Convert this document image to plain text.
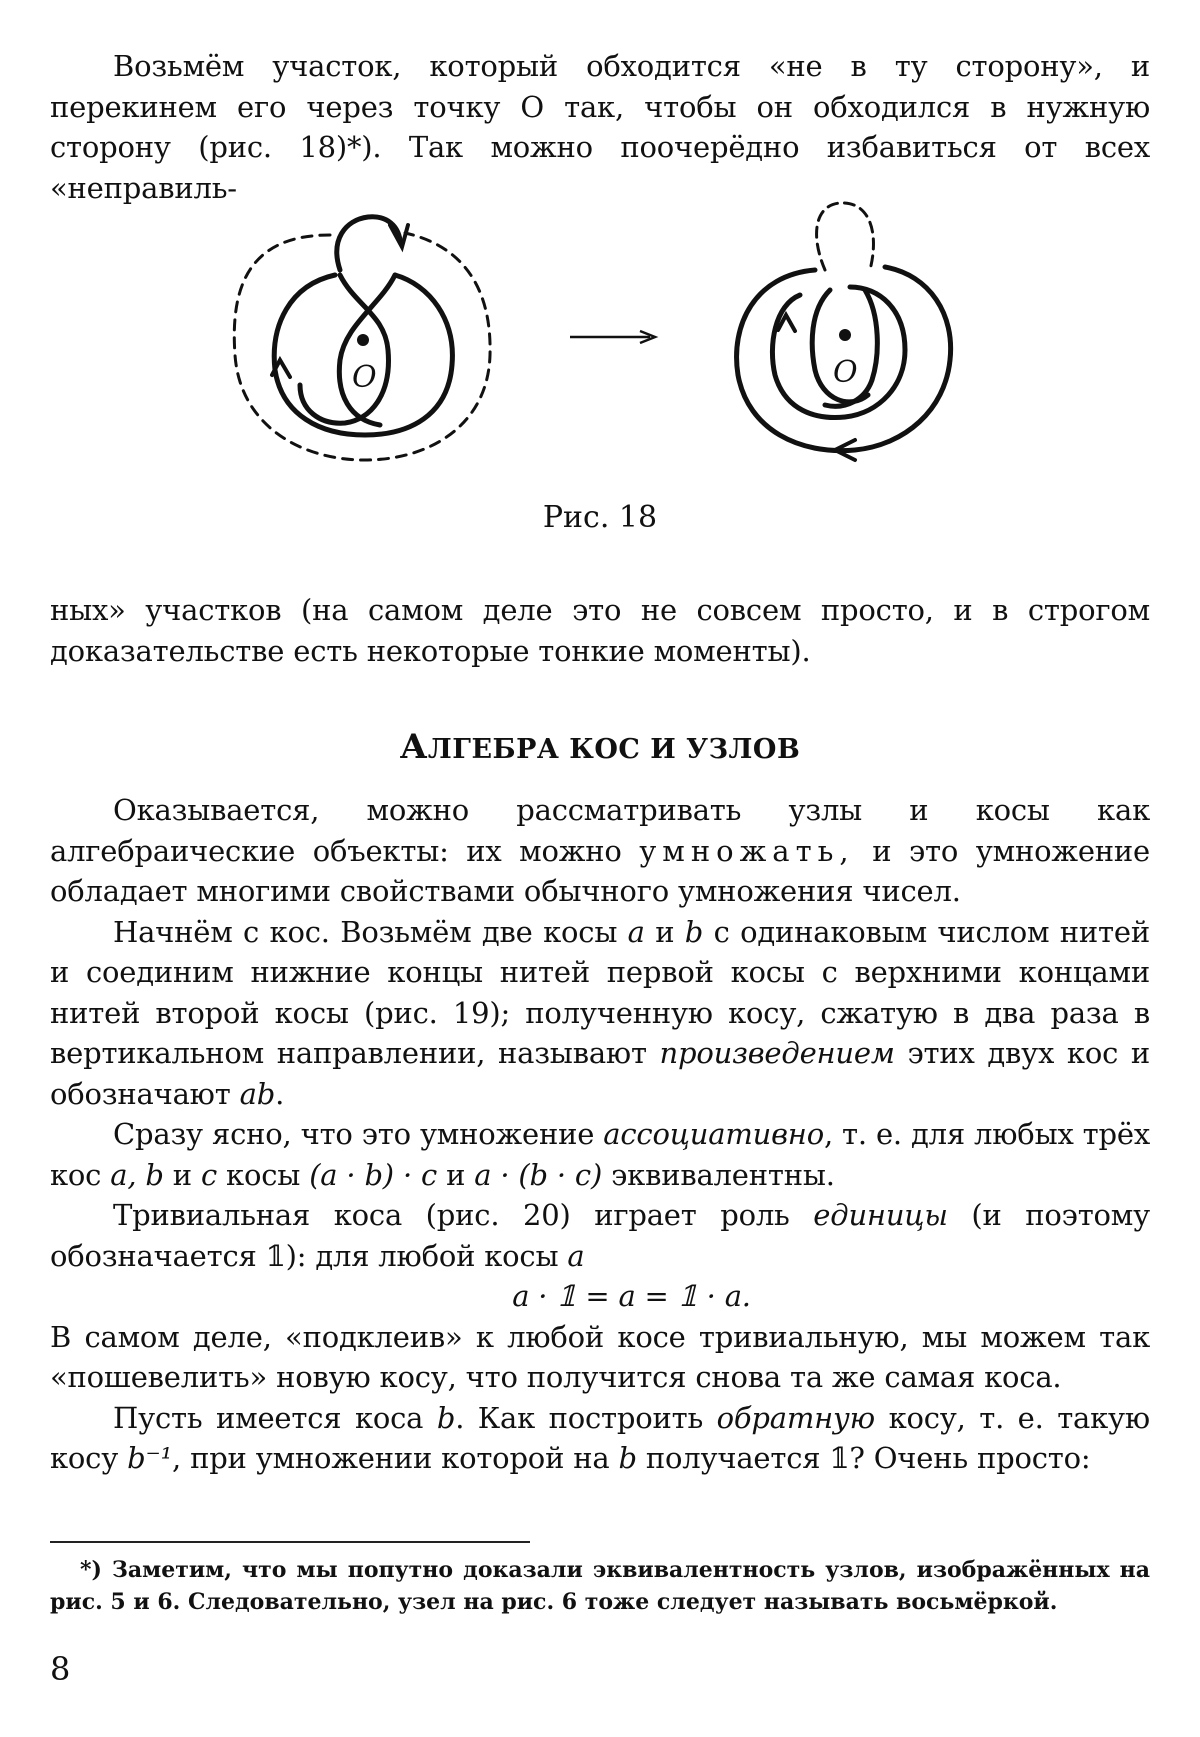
Возьмём участок, который обходится «не в ту сторону», и перекинем его через точку O так, чтобы он обходился в нужную сторону (рис. 18)*). Так можно поочерёдно избавиться от всех «неправиль-

O	O
Рис. 18

ных» участков (на самом деле это не совсем просто, и в строгом доказательстве есть некоторые тонкие моменты).

АЛГЕБРА КОС И УЗЛОВ

Оказывается, можно рассматривать узлы и косы как алгебраические объекты: их можно умножать, и это умножение обладает многими свойствами обычного умножения чисел.

Начнём с кос. Возьмём две косы a и b с одинаковым числом нитей и соединим нижние концы нитей первой косы с верхними концами нитей второй косы (рис. 19); полученную косу, сжатую в два раза в вертикальном направлении, называют произведением этих двух кос и обозначают ab.

Сразу ясно, что это умножение ассоциативно, т. е. для любых трёх кос a, b и c косы (a · b) · c и a · (b · c) эквивалентны.

Тривиальная коса (рис. 20) играет роль единицы (и поэтому обозначается 𝟙): для любой косы a

a · 𝟙 = a = 𝟙 · a.

В самом деле, «подклеив» к любой косе тривиальную, мы можем так «пошевелить» новую косу, что получится снова та же самая коса.

Пусть имеется коса b. Как построить обратную косу, т. е. такую косу b⁻¹, при умножении которой на b получается 𝟙? Очень просто:

*) Заметим, что мы попутно доказали эквивалентность узлов, изображённых на рис. 5 и 6. Следовательно, узел на рис. 6 тоже следует называть восьмёркой.

8
